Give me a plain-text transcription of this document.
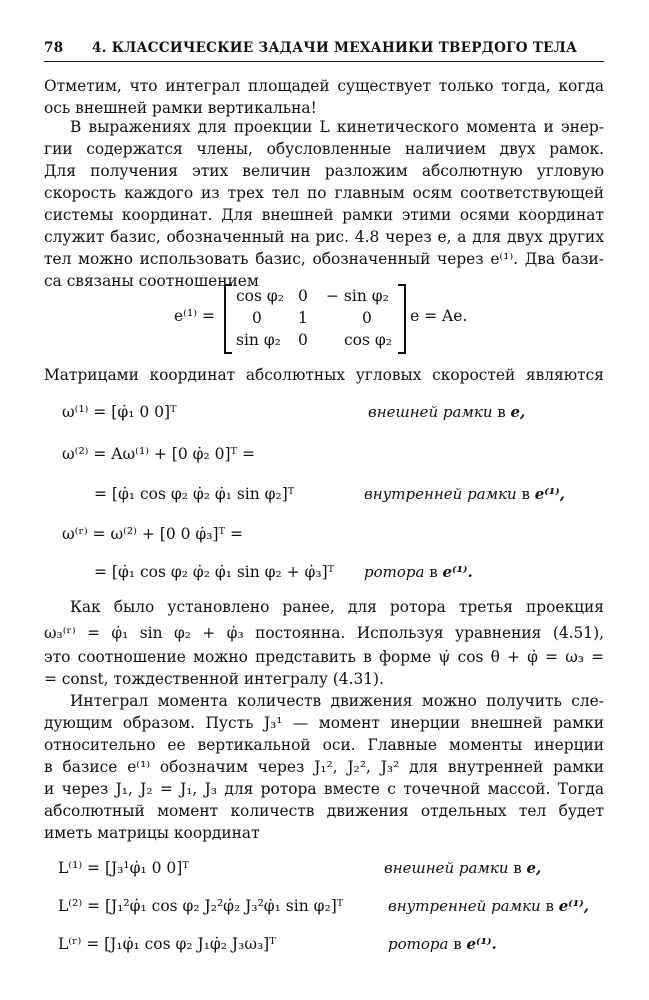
78 4. КЛАССИЧЕСКИЕ ЗАДАЧИ МЕХАНИКИ ТВЕРДОГО ТЕЛА
Отметим, что интеграл площадей существует только тогда, когда
ось внешней рамки вертикальна!
В выражениях для проекции L кинетического момента и энер-
гии содержатся члены, обусловленные наличием двух рамок.
Для получения этих величин разложим абсолютную угловую
скорость каждого из трех тел по главным осям соответствующей
системы координат. Для внешней рамки этими осями координат
служит базис, обозначенный на рис. 4.8 через e, а для двух других
тел можно использовать базис, обозначенный через e⁽¹⁾. Два бази-
са связаны соотношением
e⁽¹⁾ =
cos φ₂ 0 − sin φ₂
0 1	0
sin φ₂ 0 cos φ₂
e = Ae.
Матрицами координат абсолютных угловых скоростей являются
ω⁽¹⁾ = [φ̇₁ 0 0]ᵀ	внешней рамки в e,
ω⁽²⁾ = Aω⁽¹⁾ + [0 φ̇₂ 0]ᵀ =
= [φ̇₁ cos φ₂ φ̇₂ φ̇₁ sin φ₂]ᵀ	внутренней рамки в e⁽¹⁾,
ω⁽ʳ⁾ = ω⁽²⁾ + [0 0 φ̇₃]ᵀ =
= [φ̇₁ cos φ₂ φ̇₂ φ̇₁ sin φ₂ + φ̇₃]ᵀ ротора в e⁽¹⁾.
Как было установлено ранее, для ротора третья проекция
ω₃⁽ʳ⁾ = φ̇₁ sin φ₂ + φ̇₃ постоянна. Используя уравнения (4.51),
это соотношение можно представить в форме ψ̇ cos θ + φ̇ = ω₃ =
= const, тождественной интегралу (4.31).
Интеграл момента количеств движения можно получить сле-
дующим образом. Пусть J₃¹ — момент инерции внешней рамки
относительно ее вертикальной оси. Главные моменты инерции
в базисе e⁽¹⁾ обозначим через J₁², J₂², J₃² для внутренней рамки
и через J₁, J₂ = J₁, J₃ для ротора вместе с точечной массой. Тогда
абсолютный момент количеств движения отдельных тел будет
иметь матрицы координат
L⁽¹⁾ = [J₃¹φ̇₁ 0 0]ᵀ	внешней рамки в e,
L⁽²⁾ = [J₁²φ̇₁ cos φ₂ J₂²φ̇₂ J₃²φ̇₁ sin φ₂]ᵀ	внутренней рамки в e⁽¹⁾,
L⁽ʳ⁾ = [J₁φ̇₁ cos φ₂ J₁φ̇₂ J₃ω₃]ᵀ	ротора в e⁽¹⁾.
